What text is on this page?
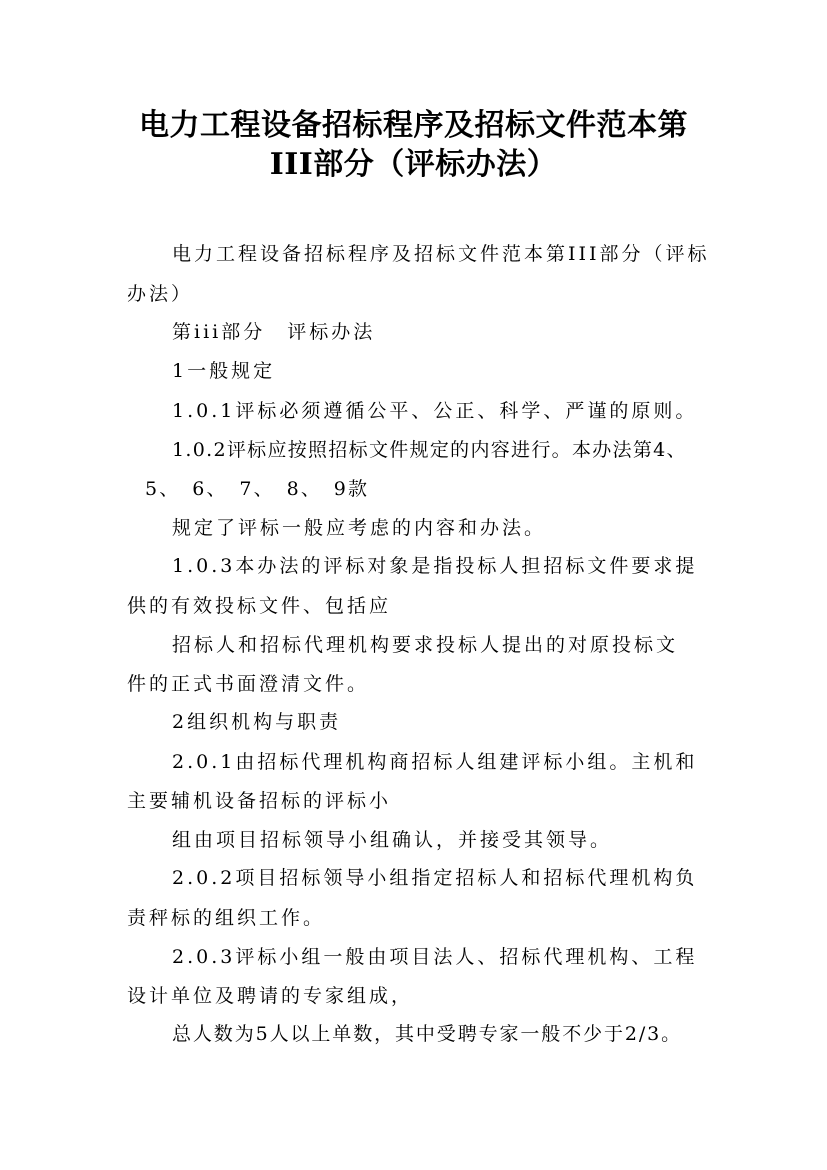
电力工程设备招标程序及招标文件范本第
III部分（评标办法）
电力工程设备招标程序及招标文件范本第III部分（评标
办法）
第iii部分　评标办法
1一般规定
1.0.1评标必须遵循公平、公正、科学、严谨的原则。
1.0.2评标应按照招标文件规定的内容进行。本办法第4、
5、　6、　7、　8、　9款
规定了评标一般应考虑的内容和办法。
1.0.3本办法的评标对象是指投标人担招标文件要求提
供的有效投标文件、包括应
招标人和招标代理机构要求投标人提出的对原投标文
件的正式书面澄清文件。
2组织机构与职责
2.0.1由招标代理机构商招标人组建评标小组。主机和
主要辅机设备招标的评标小
组由项目招标领导小组确认，并接受其领导。
2.0.2项目招标领导小组指定招标人和招标代理机构负
责秤标的组织工作。
2.0.3评标小组一般由项目法人、招标代理机构、工程
设计单位及聘请的专家组成，
总人数为5人以上单数，其中受聘专家一般不少于2/3。
